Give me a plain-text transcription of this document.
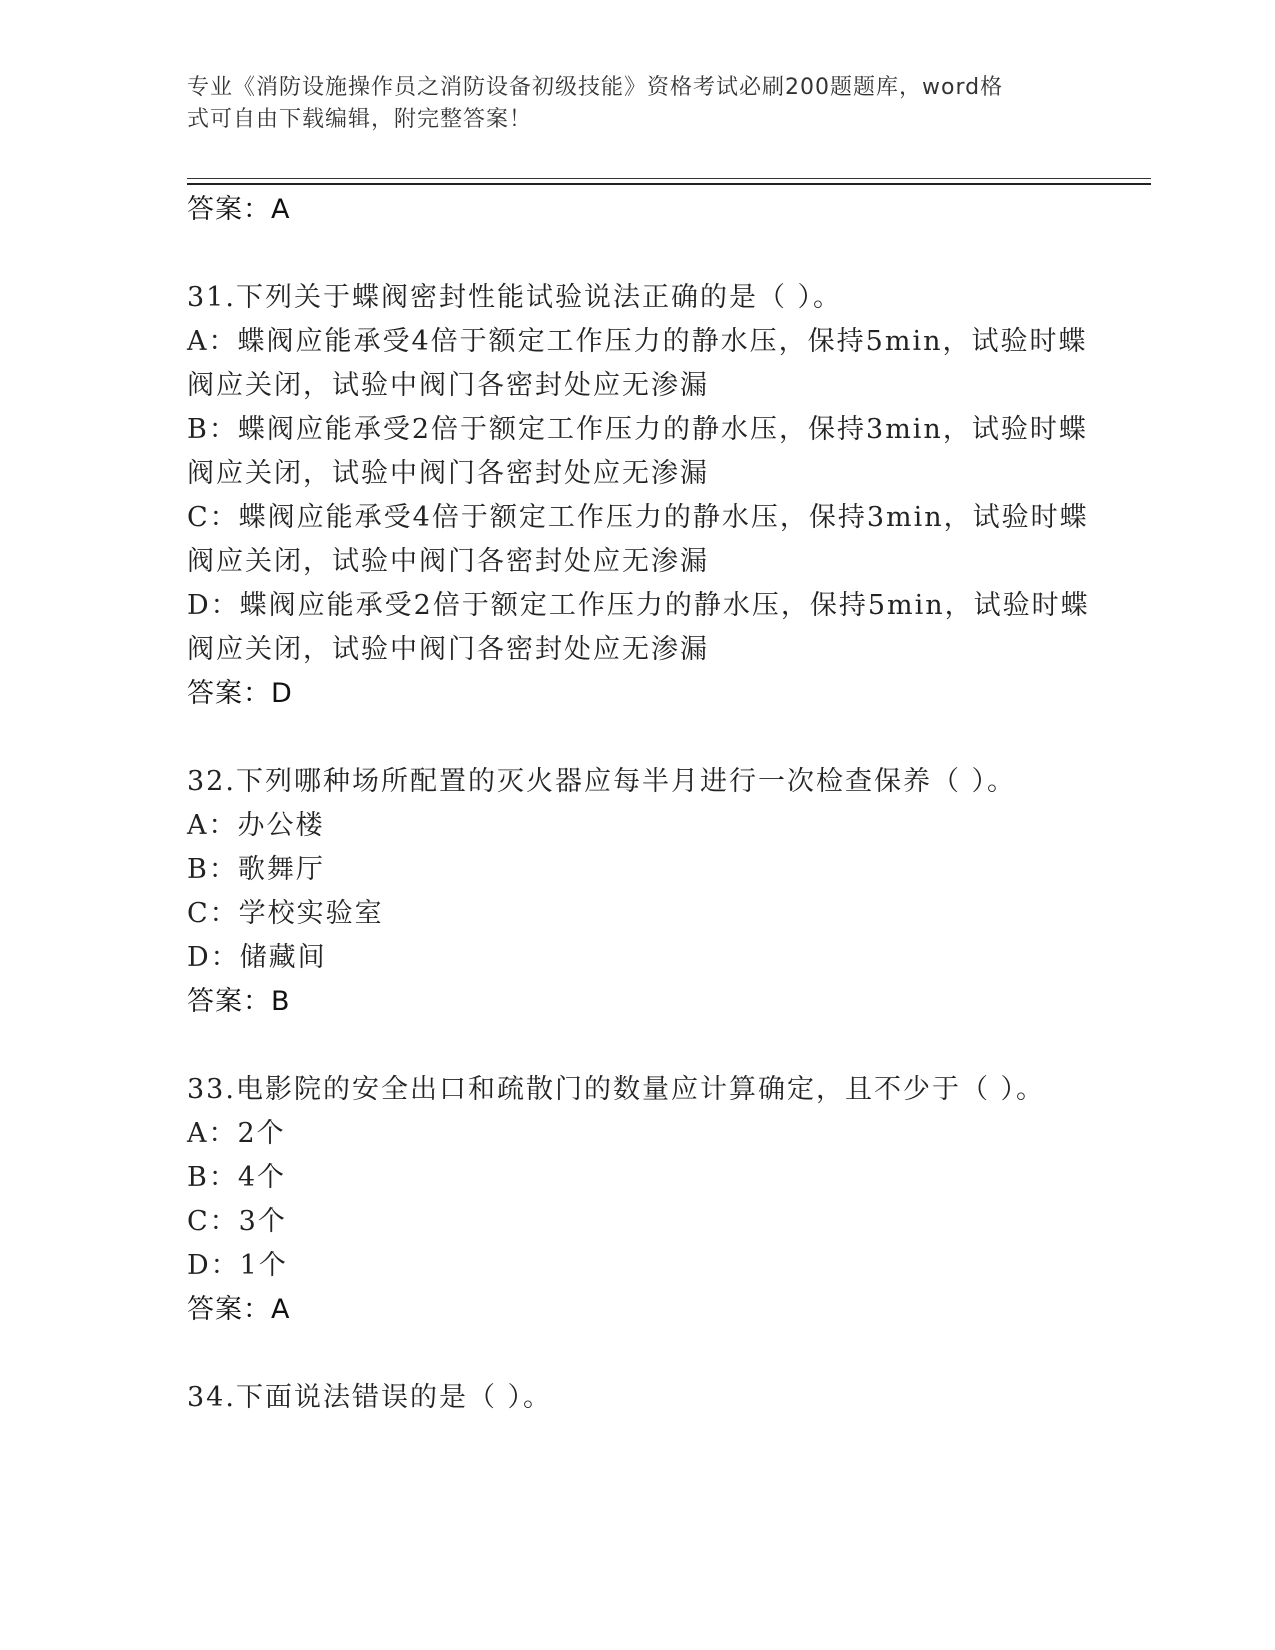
专业《消防设施操作员之消防设备初级技能》资格考试必刷200题题库，word格
式可自由下载编辑，附完整答案！
答案：A
31.下列关于蝶阀密封性能试验说法正确的是（ ）。
A：蝶阀应能承受4倍于额定工作压力的静水压，保持5min，试验时蝶
阀应关闭，试验中阀门各密封处应无渗漏
B：蝶阀应能承受2倍于额定工作压力的静水压，保持3min，试验时蝶
阀应关闭，试验中阀门各密封处应无渗漏
C：蝶阀应能承受4倍于额定工作压力的静水压，保持3min，试验时蝶
阀应关闭，试验中阀门各密封处应无渗漏
D：蝶阀应能承受2倍于额定工作压力的静水压，保持5min，试验时蝶
阀应关闭，试验中阀门各密封处应无渗漏
答案：D
32.下列哪种场所配置的灭火器应每半月进行一次检查保养（ ）。
A：办公楼
B：歌舞厅
C：学校实验室
D：储藏间
答案：B
33.电影院的安全出口和疏散门的数量应计算确定，且不少于（ ）。
A：2个
B：4个
C：3个
D：1个
答案：A
34.下面说法错误的是（ ）。
